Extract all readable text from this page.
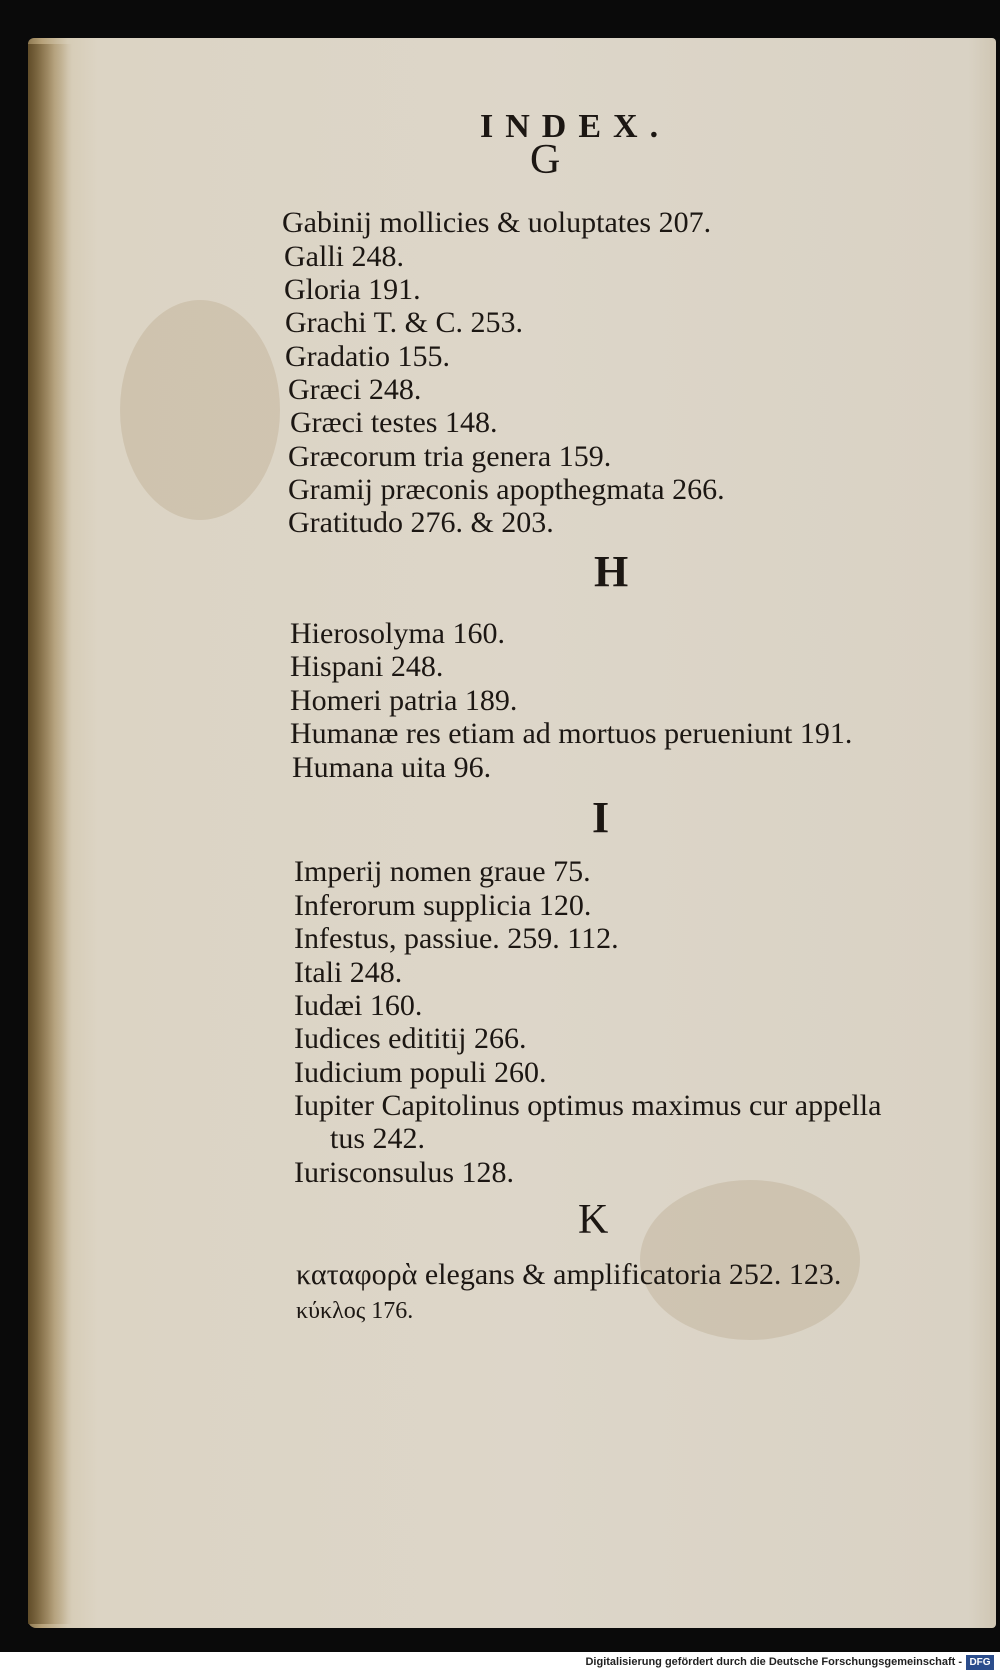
INDEX.
G
Gabinij mollicies & uoluptates 207.
Galli 248.
Gloria 191.
Grachi T. & C. 253.
Gradatio 155.
Græci 248.
Græci testes 148.
Græcorum tria genera 159.
Gramij præconis apopthegmata 266.
Gratitudo 276. & 203.
H
Hierosolyma 160.
Hispani 248.
Homeri patria 189.
Humanæ res etiam ad mortuos perueniunt 191.
Humana uita 96.
I
Imperij nomen graue 75.
Inferorum supplicia 120.
Infestus, passiue. 259. 112.
Itali 248.
Iudæi 160.
Iudices edititij 266.
Iudicium populi 260.
Iupiter Capitolinus optimus maximus cur appella
tus 242.
Iurisconsulus 128.
K
καταφορὰ elegans & amplificatoria 252. 123.
κύκλος 176.
Digitalisierung gefördert durch die Deutsche Forschungsgemeinschaft - DFG
